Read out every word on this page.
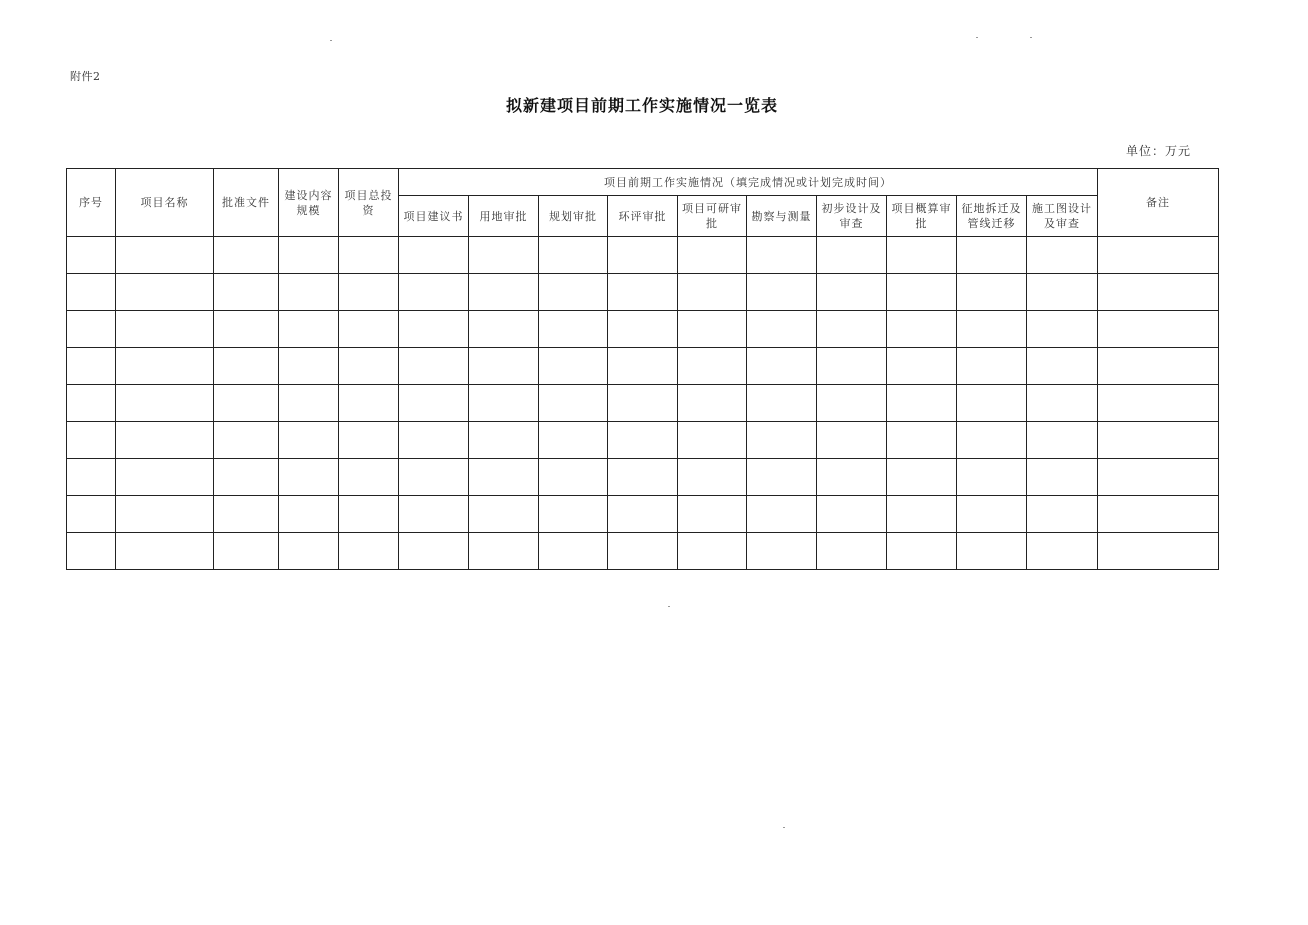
附件2
拟新建项目前期工作实施情况一览表
单位：万元
序号	项目名称	批准文件	建设内容规模	项目总投资	项目前期工作实施情况（填完成情况或计划完成时间）										备注
					项目建议书	用地审批	规划审批	环评审批	项目可研审批	勘察与测量	初步设计及审查	项目概算审批	征地拆迁及管线迁移	施工图设计及审查	
